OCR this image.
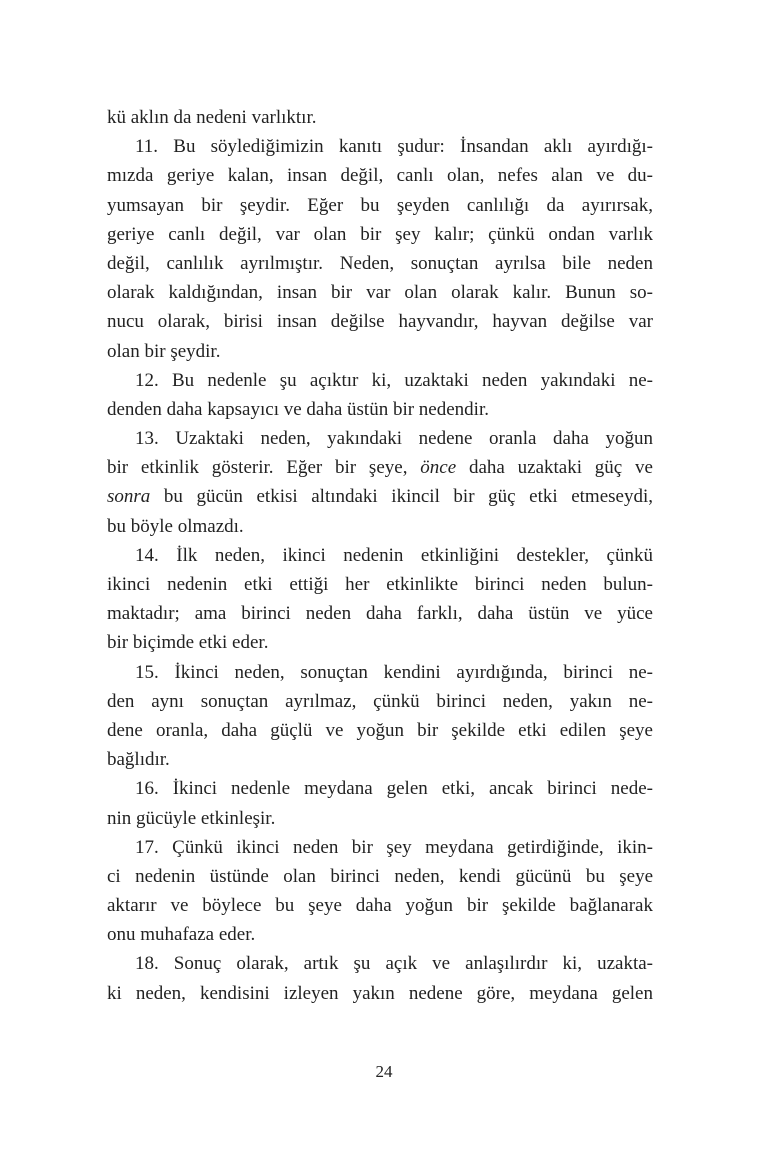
kü aklın da nedeni varlıktır.
11. Bu söylediğimizin kanıtı şudur: İnsandan aklı ayırdığı-
mızda geriye kalan, insan değil, canlı olan, nefes alan ve du-
yumsayan bir şeydir. Eğer bu şeyden canlılığı da ayırırsak,
geriye canlı değil, var olan bir şey kalır; çünkü ondan varlık
değil, canlılık ayrılmıştır. Neden, sonuçtan ayrılsa bile neden
olarak kaldığından, insan bir var olan olarak kalır. Bunun so-
nucu olarak, birisi insan değilse hayvandır, hayvan değilse var
olan bir şeydir.
12. Bu nedenle şu açıktır ki, uzaktaki neden yakındaki ne-
denden daha kapsayıcı ve daha üstün bir nedendir.
13. Uzaktaki neden, yakındaki nedene oranla daha yoğun
bir etkinlik gösterir. Eğer bir şeye, önce daha uzaktaki güç ve
sonra bu gücün etkisi altındaki ikincil bir güç etki etmeseydi,
bu böyle olmazdı.
14. İlk neden, ikinci nedenin etkinliğini destekler, çünkü
ikinci nedenin etki ettiği her etkinlikte birinci neden bulun-
maktadır; ama birinci neden daha farklı, daha üstün ve yüce
bir biçimde etki eder.
15. İkinci neden, sonuçtan kendini ayırdığında, birinci ne-
den aynı sonuçtan ayrılmaz, çünkü birinci neden, yakın ne-
dene oranla, daha güçlü ve yoğun bir şekilde etki edilen şeye
bağlıdır.
16. İkinci nedenle meydana gelen etki, ancak birinci nede-
nin gücüyle etkinleşir.
17. Çünkü ikinci neden bir şey meydana getirdiğinde, ikin-
ci nedenin üstünde olan birinci neden, kendi gücünü bu şeye
aktarır ve böylece bu şeye daha yoğun bir şekilde bağlanarak
onu muhafaza eder.
18. Sonuç olarak, artık şu açık ve anlaşılırdır ki, uzakta-
ki neden, kendisini izleyen yakın nedene göre, meydana gelen
24
